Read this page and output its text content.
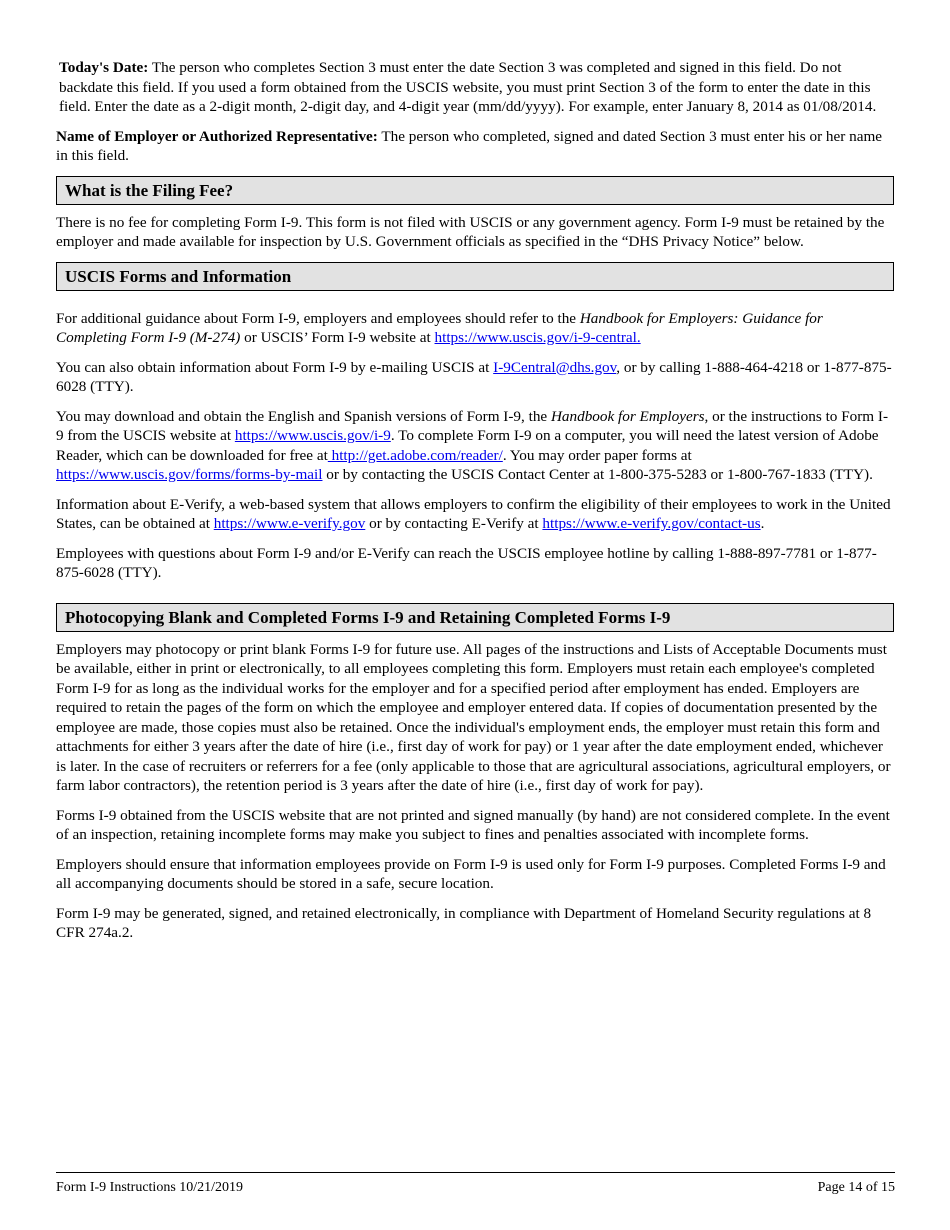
Today's Date: The person who completes Section 3 must enter the date Section 3 was completed and signed in this field. Do not backdate this field. If you used a form obtained from the USCIS website, you must print Section 3 of the form to enter the date in this field. Enter the date as a 2-digit month, 2-digit day, and 4-digit year (mm/dd/yyyy). For example, enter January 8, 2014 as 01/08/2014.

Name of Employer or Authorized Representative: The person who completed, signed and dated Section 3 must enter his or her name in this field.

What is the Filing Fee?

There is no fee for completing Form I-9. This form is not filed with USCIS or any government agency. Form I-9 must be retained by the employer and made available for inspection by U.S. Government officials as specified in the “DHS Privacy Notice” below.

USCIS Forms and Information

For additional guidance about Form I-9, employers and employees should refer to the Handbook for Employers: Guidance for Completing Form I-9 (M-274) or USCIS’ Form I-9 website at https://www.uscis.gov/i-9-central.

You can also obtain information about Form I-9 by e-mailing USCIS at I-9Central@dhs.gov, or by calling 1-888-464-4218 or 1-877-875-6028 (TTY).

You may download and obtain the English and Spanish versions of Form I-9, the Handbook for Employers, or the instructions to Form I-9 from the USCIS website at https://www.uscis.gov/i-9. To complete Form I-9 on a computer, you will need the latest version of Adobe Reader, which can be downloaded for free at http://get.adobe.com/reader/. You may order paper forms at https://www.uscis.gov/forms/forms-by-mail or by contacting the USCIS Contact Center at 1-800-375-5283 or 1-800-767-1833 (TTY).

Information about E-Verify, a web-based system that allows employers to confirm the eligibility of their employees to work in the United States, can be obtained at https://www.e-verify.gov or by contacting E-Verify at https://www.e-verify.gov/contact-us.

Employees with questions about Form I-9 and/or E-Verify can reach the USCIS employee hotline by calling 1-888-897-7781 or 1-877-875-6028 (TTY).

Photocopying Blank and Completed Forms I-9 and Retaining Completed Forms I-9

Employers may photocopy or print blank Forms I-9 for future use. All pages of the instructions and Lists of Acceptable Documents must be available, either in print or electronically, to all employees completing this form. Employers must retain each employee's completed Form I-9 for as long as the individual works for the employer and for a specified period after employment has ended. Employers are required to retain the pages of the form on which the employee and employer entered data. If copies of documentation presented by the employee are made, those copies must also be retained. Once the individual's employment ends, the employer must retain this form and attachments for either 3 years after the date of hire (i.e., first day of work for pay) or 1 year after the date employment ended, whichever is later. In the case of recruiters or referrers for a fee (only applicable to those that are agricultural associations, agricultural employers, or farm labor contractors), the retention period is 3 years after the date of hire (i.e., first day of work for pay).

Forms I-9 obtained from the USCIS website that are not printed and signed manually (by hand) are not considered complete. In the event of an inspection, retaining incomplete forms may make you subject to fines and penalties associated with incomplete forms.

Employers should ensure that information employees provide on Form I-9 is used only for Form I-9 purposes. Completed Forms I-9 and all accompanying documents should be stored in a safe, secure location.

Form I-9 may be generated, signed, and retained electronically, in compliance with Department of Homeland Security regulations at 8 CFR 274a.2.

Form I-9 Instructions 10/21/2019	Page 14 of 15
